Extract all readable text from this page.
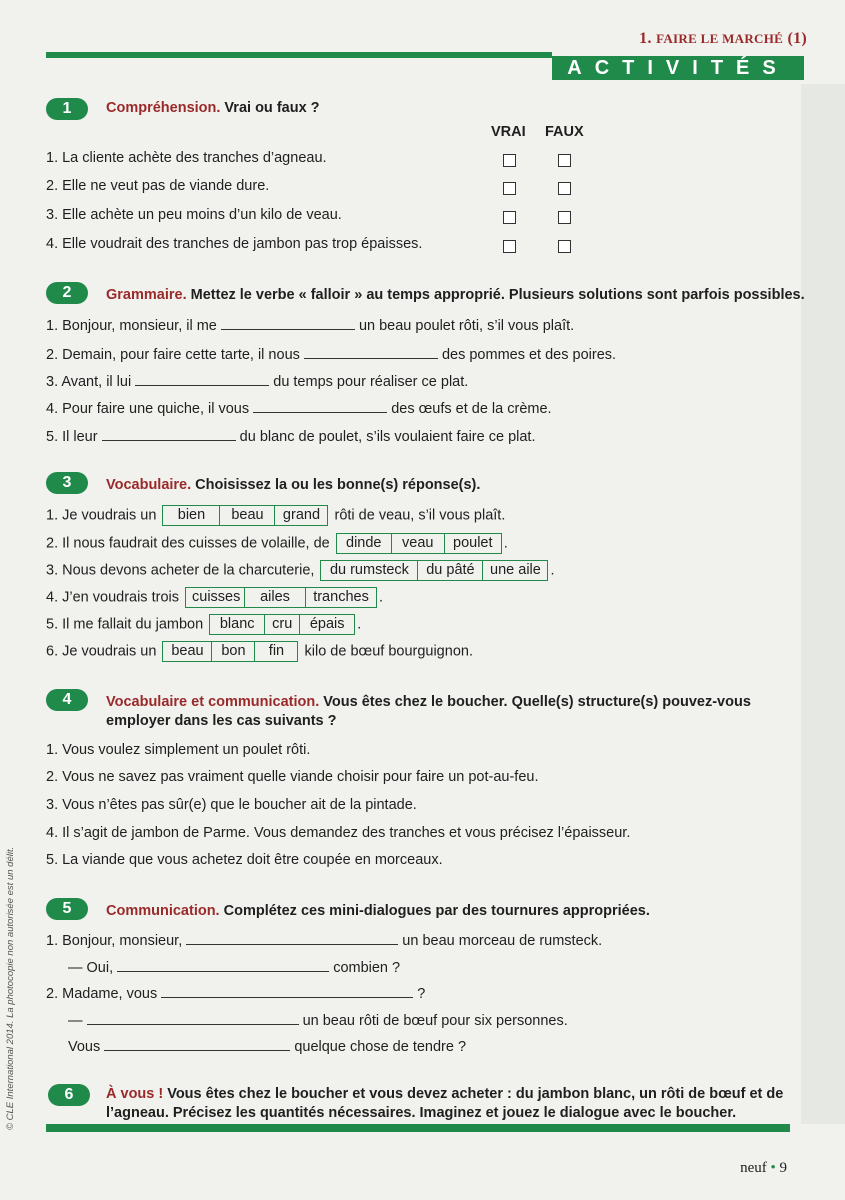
1. FAIRE LE MARCHÉ (1)
ACTIVITÉS
1	Compréhension. Vrai ou faux ?
VRAI FAUX
1. La cliente achète des tranches d’agneau.
2. Elle ne veut pas de viande dure.
3. Elle achète un peu moins d’un kilo de veau.
4. Elle voudrait des tranches de jambon pas trop épaisses.
2	Grammaire. Mettez le verbe « falloir » au temps approprié. Plusieurs solutions sont parfois possibles.
1. Bonjour, monsieur, il me	un beau poulet rôti, s’il vous plaît.
2. Demain, pour faire cette tarte, il nous	des pommes et des poires.
3. Avant, il lui	du temps pour réaliser ce plat.
4. Pour faire une quiche, il vous	des œufs et de la crème.
5. Il leur	du blanc de poulet, s’ils voulaient faire ce plat.
3	Vocabulaire. Choisissez la ou les bonne(s) réponse(s).
1. Je voudrais un	bien	beau	grand rôti de veau, s’il vous plaît.
2. Il nous faudrait des cuisses de volaille, de	dinde	veau	poulet .
3. Nous devons acheter de la charcuterie,	du rumsteck	du pâté	une aile .
4. J’en voudrais trois cuisses	ailes	tranches .
5. Il me fallait du jambon	blanc	cru	épais .
6. Je voudrais un	beau	bon	fin	kilo de bœuf bourguignon.
4	Vocabulaire et communication. Vous êtes chez le boucher. Quelle(s) structure(s) pouvez-vous
employer dans les cas suivants ?
1. Vous voulez simplement un poulet rôti.
2. Vous ne savez pas vraiment quelle viande choisir pour faire un pot-au-feu.
3. Vous n’êtes pas sûr(e) que le boucher ait de la pintade.
4. Il s’agit de jambon de Parme. Vous demandez des tranches et vous précisez l’épaisseur.
5. La viande que vous achetez doit être coupée en morceaux.
5	Communication. Complétez ces mini-dialogues par des tournures appropriées.
1. Bonjour, monsieur,	un beau morceau de rumsteck.
— Oui,	combien ?
2. Madame, vous	?
—	un beau rôti de bœuf pour six personnes.
Vous	quelque chose de tendre ?
6	À vous ! Vous êtes chez le boucher et vous devez acheter : du jambon blanc, un rôti de bœuf et de
l’agneau. Précisez les quantités nécessaires. Imaginez et jouez le dialogue avec le boucher.
neuf • 9
© CLE International 2014. La photocopie non autorisée est un délit.
